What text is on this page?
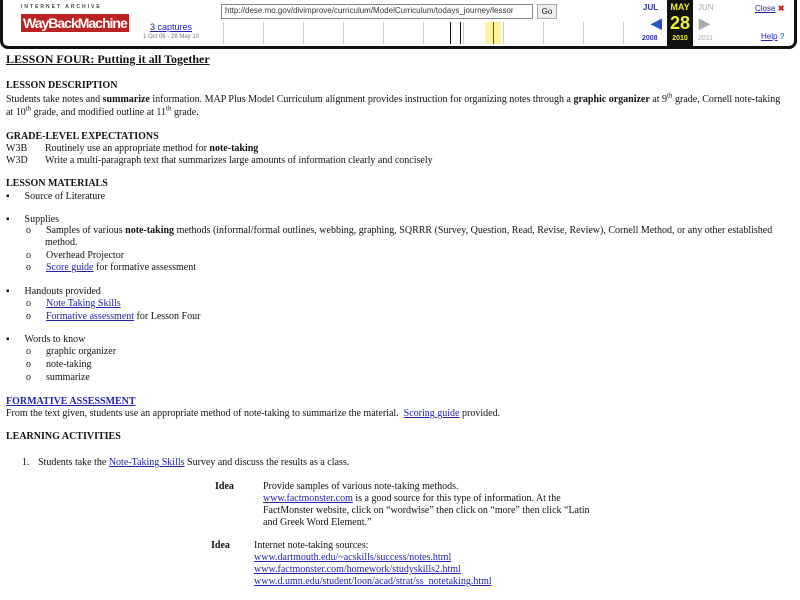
INTERNET ARCHIVE
WayBackMachine	3 captures
1 Oct 06 - 28 May 10
http://dese.mo.gov/divimprove/curriculum/ModelCurriculum/todays_journey/lessor	Go	JUL
◀
2008
MAY
28
2010
JUN
▶
2011
Close ✖
Help ?
LESSON FOUR: Putting it all Together
LESSON DESCRIPTION
Students take notes and summarize information. MAP Plus Model Curriculum alignment provides instruction for organizing notes through a graphic organizer at 9th grade, Cornell note-taking
at 10th grade, and modified outline at 11th grade.
GRADE-LEVEL EXPECTATIONS
W3B Routinely use an appropriate method for note-taking
W3D Write a multi-paragraph text that summarizes large amounts of information clearly and concisely
LESSON MATERIALS
▪      Source of Literature
▪      Supplies
o      Samples of various note-taking methods (informal/formal outlines, webbing, graphing, SQRRR (Survey, Question, Read, Revise, Review), Cornell Method, or any other established
method.
o      Overhead Projector
o      Score guide for formative assessment
▪      Handouts provided
o      Note Taking Skills
o      Formative assessment for Lesson Four
▪      Words to know
o      graphic organizer
o      note-taking
o      summarize
FORMATIVE ASSESSMENT
From the text given, students use an appropriate method of note-taking to summarize the material.  Scoring guide provided.
LEARNING ACTIVITIES
1. Students take the Note-Taking Skills Survey and discuss the results as a class.
Idea	Provide samples of various note-taking methods.
www.factmonster.com is a good source for this type of information. At the
FactMonster website, click on “wordwise” then click on “more” then click “Latin
and Greek Word Element.”
Idea Internet note-taking sources:
www.dartmouth.edu/~acskills/success/notes.html
www.factmonster.com/homework/studyskills2.html
www.d.umn.edu/student/loon/acad/strat/ss_notetaking.html
